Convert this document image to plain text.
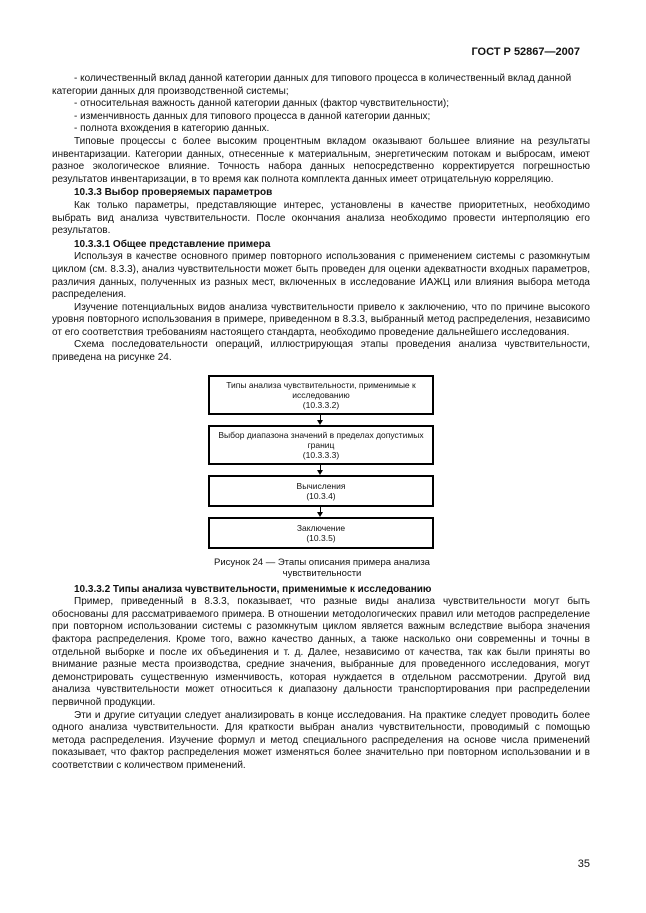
ГОСТ Р 52867—2007

- количественный вклад данной категории данных для типового процесса в количественный вклад данной категории данных для производственной системы;

- относительная важность данной категории данных (фактор чувствительности);

- изменчивность данных для типового процесса в данной категории данных;

- полнота вхождения в категорию данных.

Типовые процессы с более высоким процентным вкладом оказывают большее влияние на результаты инвентаризации. Категории данных, отнесенные к материальным, энергетическим потокам и выбросам, имеют разное экологическое влияние. Точность набора данных непосредственно корректируется погрешностью результатов инвентаризации, в то время как полнота комплекта данных имеет отрицательную корреляцию.

10.3.3 Выбор проверяемых параметров

Как только параметры, представляющие интерес, установлены в качестве приоритетных, необходимо выбрать вид анализа чувствительности. После окончания анализа необходимо провести интерполяцию его результатов.

10.3.3.1 Общее представление примера

Используя в качестве основного пример повторного использования с применением системы с разомкнутым циклом (см. 8.3.3), анализ чувствительности может быть проведен для оценки адекватности входных параметров, различия данных, полученных из разных мест, включенных в исследование ИАЖЦ или влияния выбора метода распределения.

Изучение потенциальных видов анализа чувствительности привело к заключению, что по причине высокого уровня повторного использования в примере, приведенном в 8.3.3, выбранный метод распределения, независимо от его соответствия требованиям настоящего стандарта, необходимо проведение дальнейшего исследования.

Схема последовательности операций, иллюстрирующая этапы проведения анализа чувствительности, приведена на рисунке 24.

Типы анализа чувствительности, применимые к исследованию
(10.3.3.2)
Выбор диапазона значений в пределах допустимых границ
(10.3.3.3)
Вычисления
(10.3.4)
Заключение
(10.3.5)
Рисунок 24 — Этапы описания примера анализа чувствительности

10.3.3.2 Типы анализа чувствительности, применимые к исследованию

Пример, приведенный в 8.3.3, показывает, что разные виды анализа чувствительности могут быть обоснованы для рассматриваемого примера. В отношении методологических правил или методов распределение при повторном использовании системы с разомкнутым циклом является важным вследствие выбора значения фактора распределения. Кроме того, важно качество данных, а также насколько они современны и точны в отдельной выборке и после их объединения и т. д. Далее, независимо от качества, так как были приняты во внимание разные места производства, средние значения, выбранные для проведенного исследования, могут демонстрировать существенную изменчивость, которая нуждается в отдельном рассмотрении. Другой вид анализа чувствительности может относиться к диапазону дальности транспортирования при распределении первичной продукции.

Эти и другие ситуации следует анализировать в конце исследования. На практике следует проводить более одного анализа чувствительности. Для краткости выбран анализ чувствительности, проводимый с помощью метода распределения. Изучение формул и метод специального распределения на основе числа применений показывает, что фактор распределения может изменяться более значительно при повторном использовании и в соответствии с количеством применений.

35
